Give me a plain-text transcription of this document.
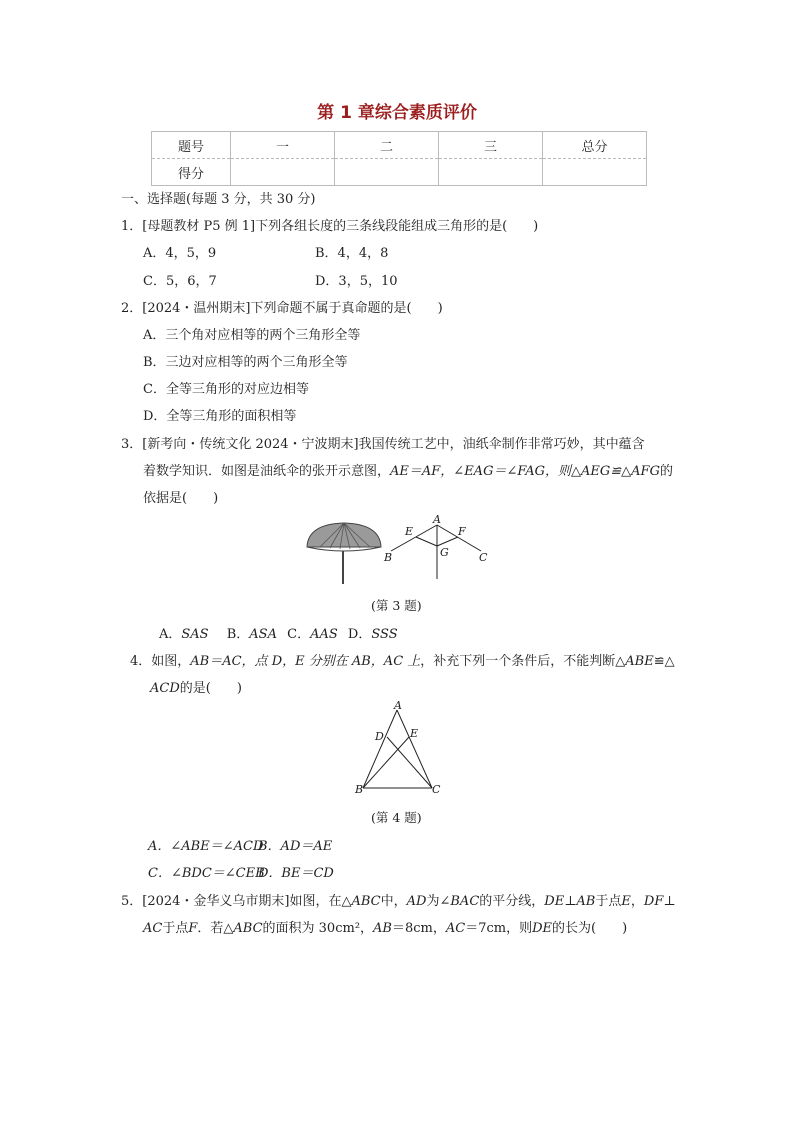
第 1 章综合素质评价
题号	一	二	三	总分
得分				
一、选择题(每题 3 分，共 30 分)
1．[母题教材 P5 例 1]下列各组长度的三条线段能组成三角形的是(　　)
A．4，5，9	B．4，4，8
C．5，6，7	D．3，5，10
2．[2024・温州期末]下列命题不属于真命题的是(　　)
A．三个角对应相等的两个三角形全等
B．三边对应相等的两个三角形全等
C．全等三角形的对应边相等
D．全等三角形的面积相等
3．[新考向・传统文化 2024・宁波期末]我国传统工艺中，油纸伞制作非常巧妙，其中蕴含
着数学知识．如图是油纸伞的张开示意图，AE＝AF，∠EAG＝∠FAG，则△AEG≌△AFG的
依据是(　　)
A
E	F
B	G	C
(第 3 题)
A．SAS B．ASA C．AAS D．SSS
4．如图，AB＝AC，点 D，E 分别在 AB，AC 上，补充下列一个条件后，不能判断△ABE≌△
ACD的是(　　)
A
D E
B	C
(第 4 题)
A．∠ABE＝∠ACD
B．AD＝AE
C．∠BDC＝∠CEB
D．BE＝CD
5．[2024・金华义乌市期末]如图，在△ABC中，AD为∠BAC的平分线，DE⊥AB于点E，DF⊥
AC于点F．若△ABC的面积为 30cm²，AB＝8cm，AC＝7cm，则DE的长为(　　)
